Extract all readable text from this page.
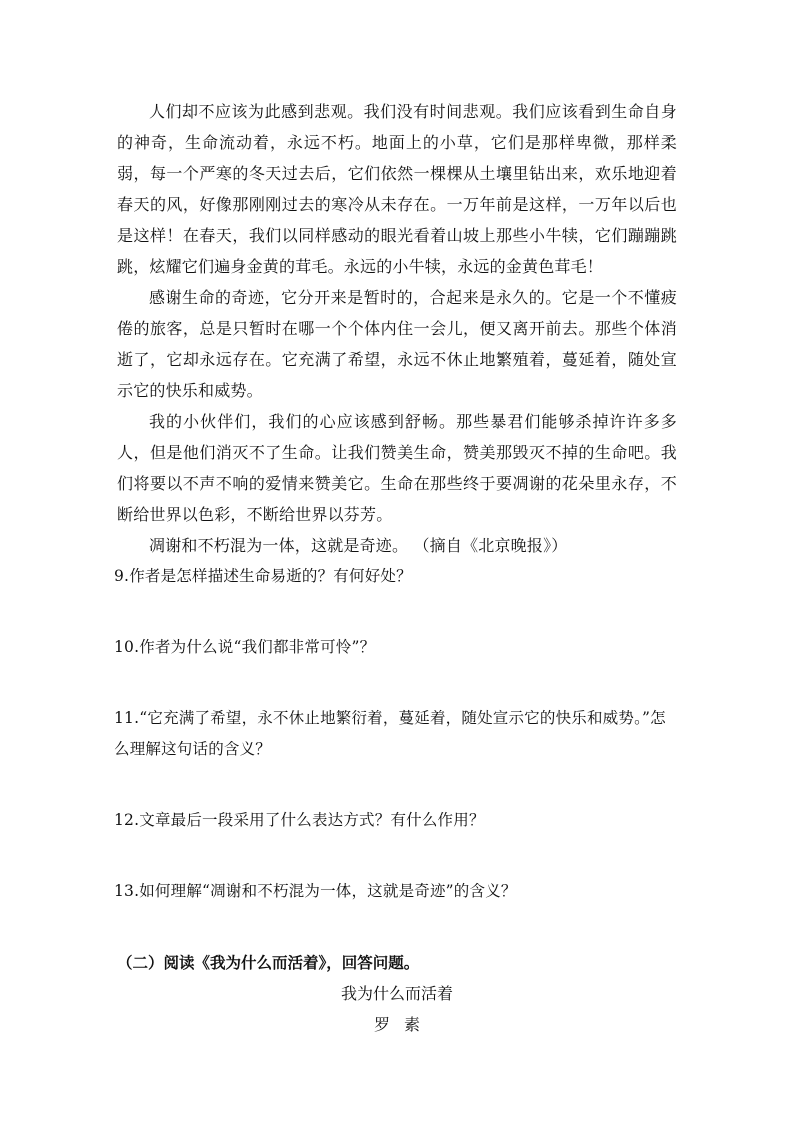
人们却不应该为此感到悲观。我们没有时间悲观。我们应该看到生命自身的神奇，生命流动着，永远不朽。地面上的小草，它们是那样卑微，那样柔弱，每一个严寒的冬天过去后，它们依然一棵棵从土壤里钻出来，欢乐地迎着春天的风，好像那刚刚过去的寒冷从未存在。一万年前是这样，一万年以后也是这样！在春天，我们以同样感动的眼光看着山坡上那些小牛犊，它们蹦蹦跳跳，炫耀它们遍身金黄的茸毛。永远的小牛犊，永远的金黄色茸毛！

感谢生命的奇迹，它分开来是暂时的，合起来是永久的。它是一个不懂疲倦的旅客，总是只暂时在哪一个个体内住一会儿，便又离开前去。那些个体消逝了，它却永远存在。它充满了希望，永远不休止地繁殖着，蔓延着，随处宣示它的快乐和威势。

我的小伙伴们，我们的心应该感到舒畅。那些暴君们能够杀掉许许多多人，但是他们消灭不了生命。让我们赞美生命，赞美那毁灭不掉的生命吧。我们将要以不声不响的爱情来赞美它。生命在那些终于要凋谢的花朵里永存，不断给世界以色彩，不断给世界以芬芳。

凋谢和不朽混为一体，这就是奇迹。 （摘自《北京晚报》）

9.作者是怎样描述生命易逝的？有何好处？

10.作者为什么说“我们都非常可怜”？

11.“它充满了希望，永不休止地繁衍着，蔓延着，随处宣示它的快乐和威势。”怎么理解这句话的含义？

12.文章最后一段采用了什么表达方式？有什么作用？

13.如何理解“凋谢和不朽混为一体，这就是奇迹”的含义？

（二）阅读《我为什么而活着》，回答问题。

我为什么而活着

罗素
